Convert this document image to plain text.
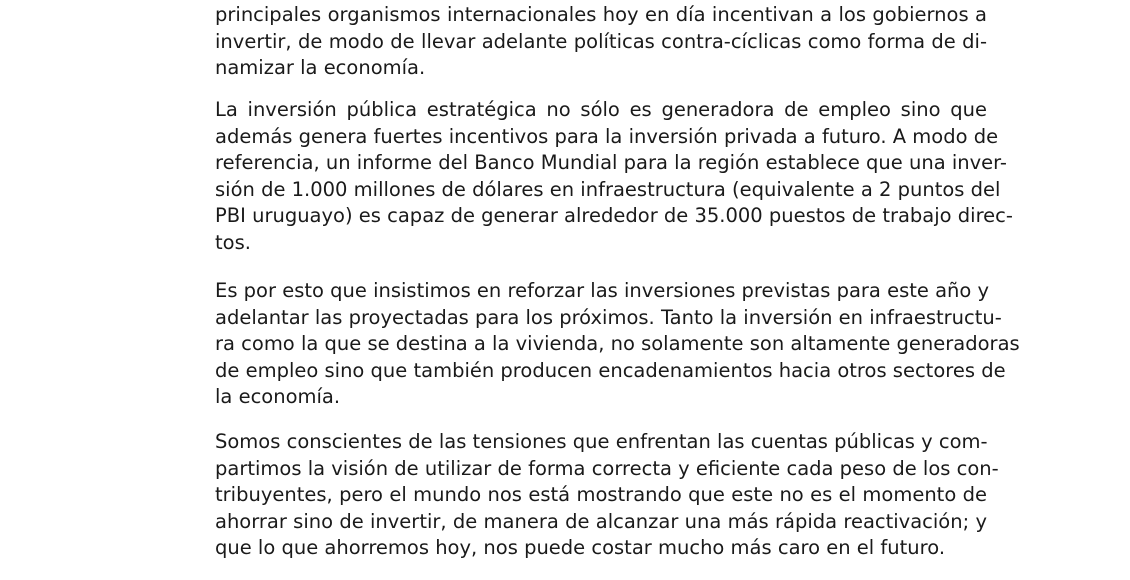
principales organismos internacionales hoy en día incentivan a los gobiernos a
invertir, de modo de llevar adelante políticas contra-cíclicas como forma de di-
namizar la economía.
La inversión pública estratégica no sólo es generadora de empleo sino que
además genera fuertes incentivos para la inversión privada a futuro. A modo de
referencia, un informe del Banco Mundial para la región establece que una inver-
sión de 1.000 millones de dólares en infraestructura (equivalente a 2 puntos del
PBI uruguayo) es capaz de generar alrededor de 35.000 puestos de trabajo direc-
tos.
Es por esto que insistimos en reforzar las inversiones previstas para este año y
adelantar las proyectadas para los próximos. Tanto la inversión en infraestructu-
ra como la que se destina a la vivienda, no solamente son altamente generadoras
de empleo sino que también producen encadenamientos hacia otros sectores de
la economía.
Somos conscientes de las tensiones que enfrentan las cuentas públicas y com-
partimos la visión de utilizar de forma correcta y eficiente cada peso de los con-
tribuyentes, pero el mundo nos está mostrando que este no es el momento de
ahorrar sino de invertir, de manera de alcanzar una más rápida reactivación; y
que lo que ahorremos hoy, nos puede costar mucho más caro en el futuro.
